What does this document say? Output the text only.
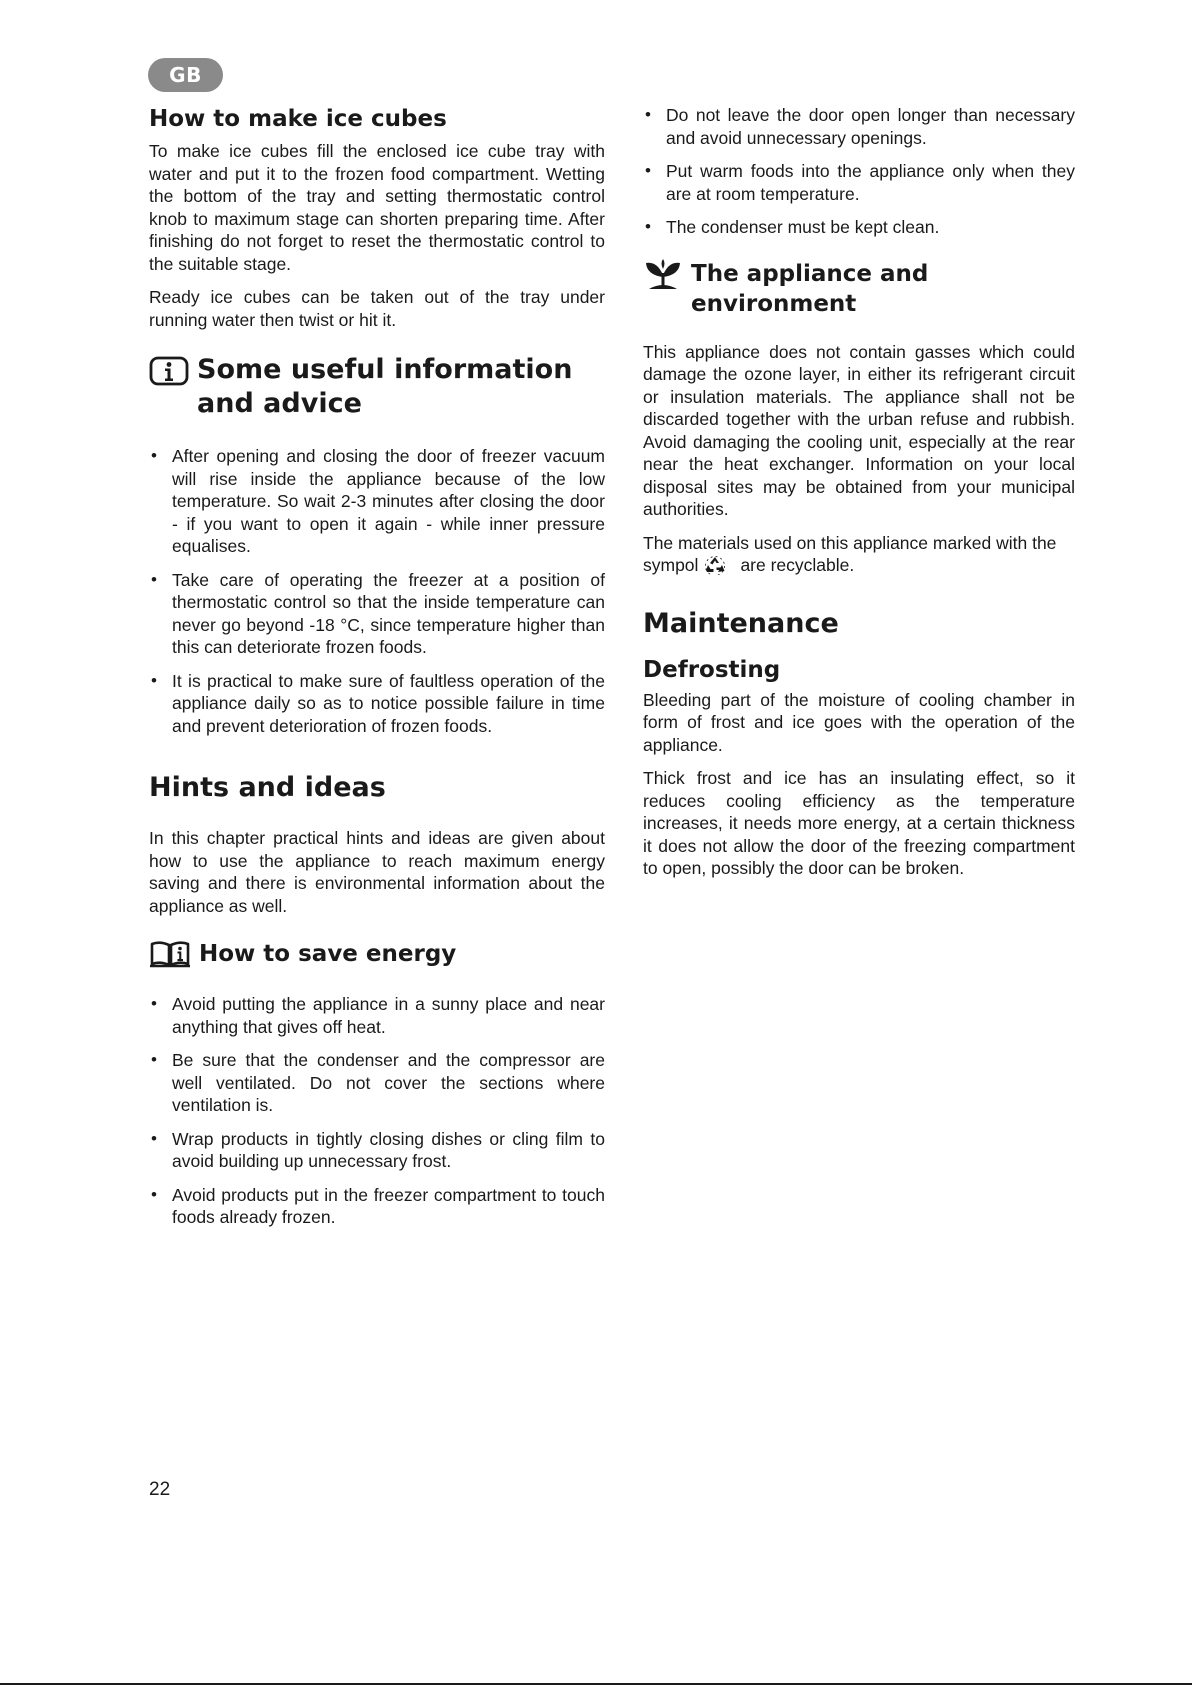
GB
How to make ice cubes

To make ice cubes fill the enclosed ice cube tray with water and put it to the frozen food compartment. Wetting the bottom of the tray and setting thermostatic control knob to maximum stage can shorten preparing time. After finishing do not forget to reset the thermostatic control to the suitable stage.

Ready ice cubes can be taken out of the tray under running water then twist or hit it.

Some useful information and advice
• After opening and closing the door of freezer vacuum will rise inside the appliance because of the low temperature. So wait 2-3 minutes after closing the door - if you want to open it again - while inner pressure equalises.
• Take care of operating the freezer at a position of thermostatic control so that the inside temperature can never go beyond -18 °C, since temperature higher than this can deteriorate frozen foods.
• It is practical to make sure of faultless operation of the appliance daily so as to notice possible failure in time and prevent deterioration of frozen foods.
Hints and ideas

In this chapter practical hints and ideas are given about how to use the appliance to reach maximum energy saving and there is environmental information about the appliance as well.

How to save energy
• Avoid putting the appliance in a sunny place and near anything that gives off heat.
• Be sure that the condenser and the compressor are well ventilated. Do not cover the sections where ventilation is.
• Wrap products in tightly closing dishes or cling film to avoid building up unnecessary frost.
• Avoid products put in the freezer compartment to touch foods already frozen.
• Do not leave the door open longer than necessary and avoid unnecessary openings.
• Put warm foods into the appliance only when they are at room temperature.
• The condenser must be kept clean.
The appliance and environment

This appliance does not contain gasses which could damage the ozone layer, in either its refrigerant circuit or insulation materials. The appliance shall not be discarded together with the urban refuse and rubbish. Avoid damaging the cooling unit, especially at the rear near the heat exchanger. Information on your local disposal sites may be obtained from your municipal authorities.

The materials used on this appliance marked with the sympol are recyclable.

Maintenance
Defrosting

Bleeding part of the moisture of cooling chamber in form of frost and ice goes with the operation of the appliance.

Thick frost and ice has an insulating effect, so it reduces cooling efficiency as the temperature increases, it needs more energy, at a certain thickness it does not allow the door of the freezing compartment to open, possibly the door can be broken.

22
